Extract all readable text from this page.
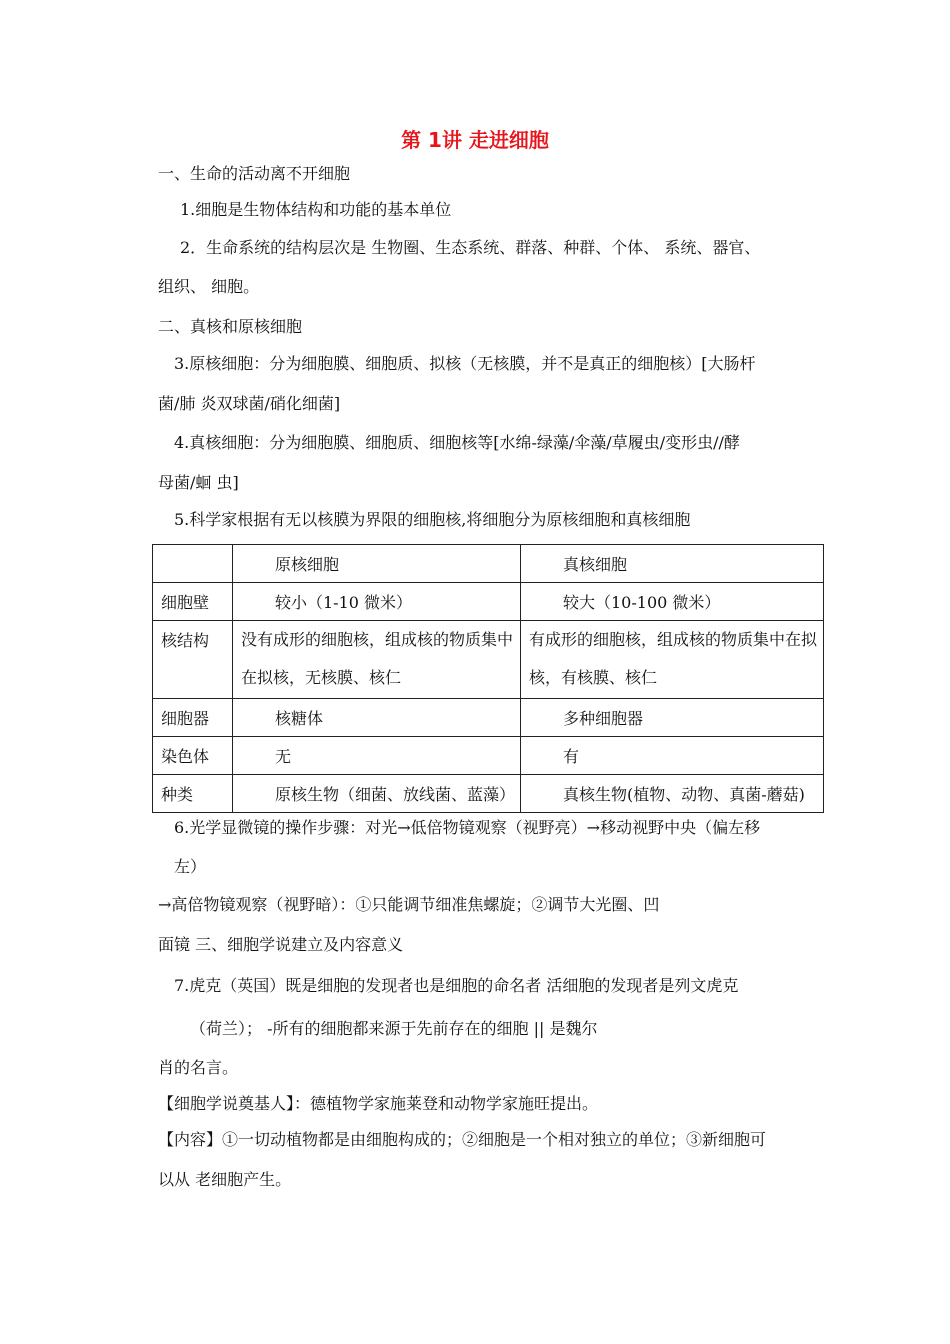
第 1讲 走进细胞
一、生命的活动离不开细胞
1.细胞是生物体结构和功能的基本单位
2．生命系统的结构层次是 生物圈、生态系统、群落、种群、个体、 系统、器官、
组织、 细胞。
二、真核和原核细胞
3.原核细胞：分为细胞膜、细胞质、拟核（无核膜，并不是真正的细胞核）[大肠杆
菌/肺 炎双球菌/硝化细菌]
4.真核细胞：分为细胞膜、细胞质、细胞核等[水绵-绿藻/伞藻/草履虫/变形虫//酵
母菌/蛔 虫]
5.科学家根据有无以核膜为界限的细胞核,将细胞分为原核细胞和真核细胞

	原核细胞	真核细胞

细胞壁	较小（1-10 微米）	较大（10-100 微米）

核结构	没有成形的细胞核，组成核的物质集中在拟核，无核膜、核仁	有成形的细胞核，组成核的物质集中在拟核，有核膜、核仁

细胞器	核糖体	多种细胞器

染色体	无	有

种类	原核生物（细菌、放线菌、蓝藻）	真核生物(植物、动物、真菌-蘑菇)
6.光学显微镜的操作步骤：对光→低倍物镜观察（视野亮）→移动视野中央（偏左移
左）
→高倍物镜观察（视野暗）：①只能调节细准焦螺旋；②调节大光圈、凹
面镜 三、细胞学说建立及内容意义
7.虎克（英国）既是细胞的发现者也是细胞的命名者 活细胞的发现者是列文虎克
（荷兰）； -所有的细胞都来源于先前存在的细胞 || 是魏尔
肖的名言。
【细胞学说奠基人】：德植物学家施莱登和动物学家施旺提出。
【内容】①一切动植物都是由细胞构成的；②细胞是一个相对独立的单位；③新细胞可
以从 老细胞产生。
